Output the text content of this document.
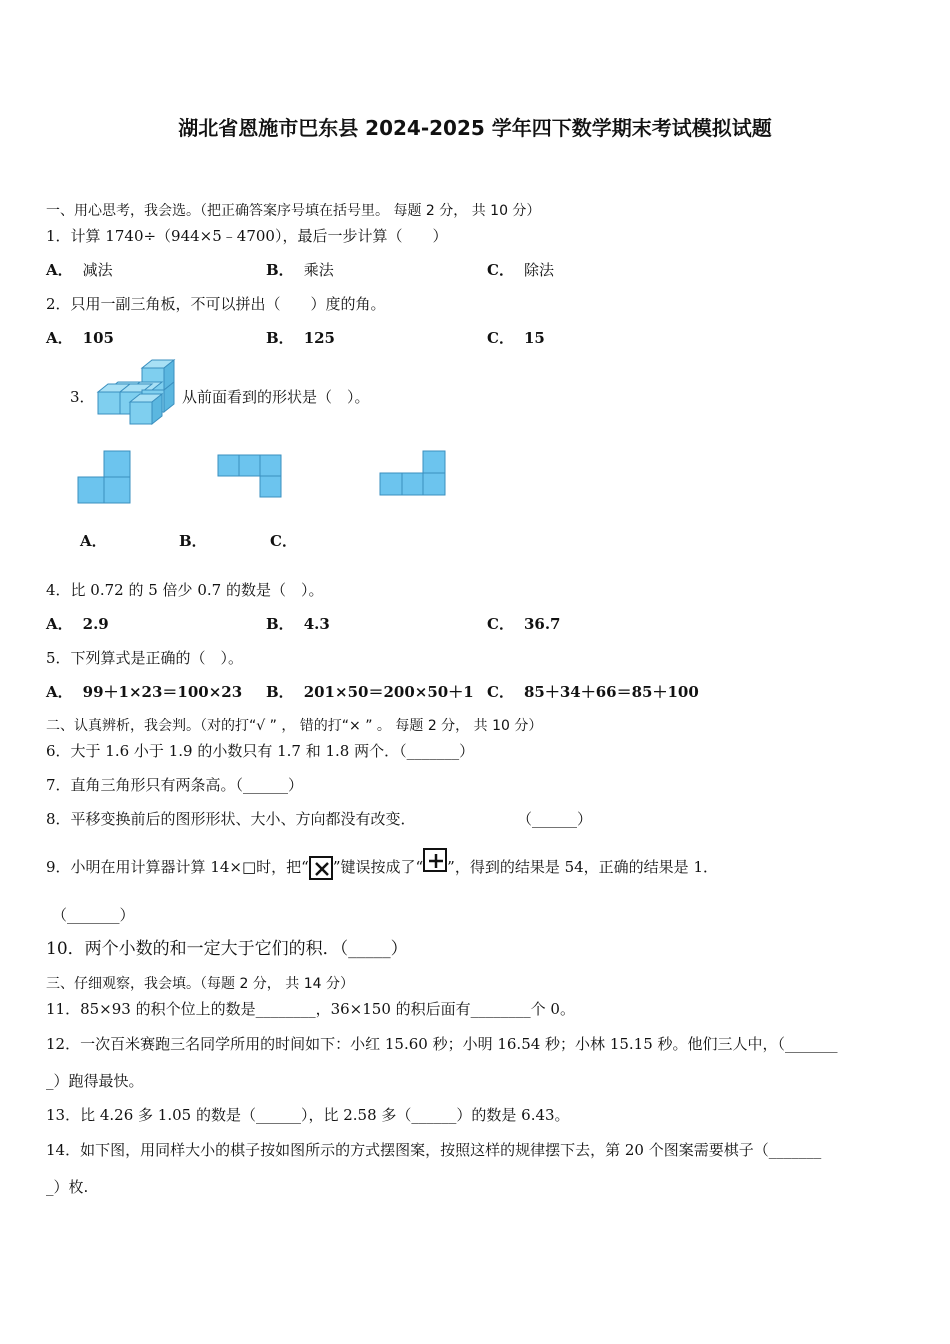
湖北省恩施市巴东县 2024-2025 学年四下数学期末考试模拟试题
一、用心思考，我会选。（把正确答案序号填在括号里。 每题 2 分， 共 10 分）
1．计算 1740÷（944×5﹣4700），最后一步计算（　　）
A． 减法	B． 乘法	C． 除法
2．只用一副三角板，不可以拼出（　　）度的角。
A． 105	B． 125	C． 15
3．	从前面看到的形状是（　）。
A．	B．	C．
4．比 0.72 的 5 倍少 0.7 的数是（　）。
A． 2.9	B． 4.3	C． 36.7
5．下列算式是正确的（　）。
A． 99＋1×23＝100×23	B． 201×50＝200×50＋1 C． 85＋34＋66＝85＋100
二、认真辨析，我会判。（对的打“√ ” ， 错的打“× ” 。 每题 2 分， 共 10 分）
6．大于 1.6 小于 1.9 的小数只有 1.7 和 1.8 两个．（_______）
7．直角三角形只有两条高。（______）
8．平移变换前后的图形形状、大小、方向都没有改变．	（______）
9．小明在用计算器计算 14×□时，把“ ”键误按成了“ ”，得到的结果是 54，正确的结果是 1．
（_______）
10．两个小数的和一定大于它们的积．（_____）
三、仔细观察，我会填。（每题 2 分， 共 14 分）
11．85×93 的积个位上的数是________，36×150 的积后面有________个 0。
12．一次百米赛跑三名同学所用的时间如下：小红 15.60 秒；小明 16.54 秒；小林 15.15 秒。他们三人中，（_______
_）跑得最快。
13．比 4.26 多 1.05 的数是（______），比 2.58 多（______）的数是 6.43。
14．如下图，用同样大小的棋子按如图所示的方式摆图案，按照这样的规律摆下去，第 20 个图案需要棋子（_______
_）枚.
